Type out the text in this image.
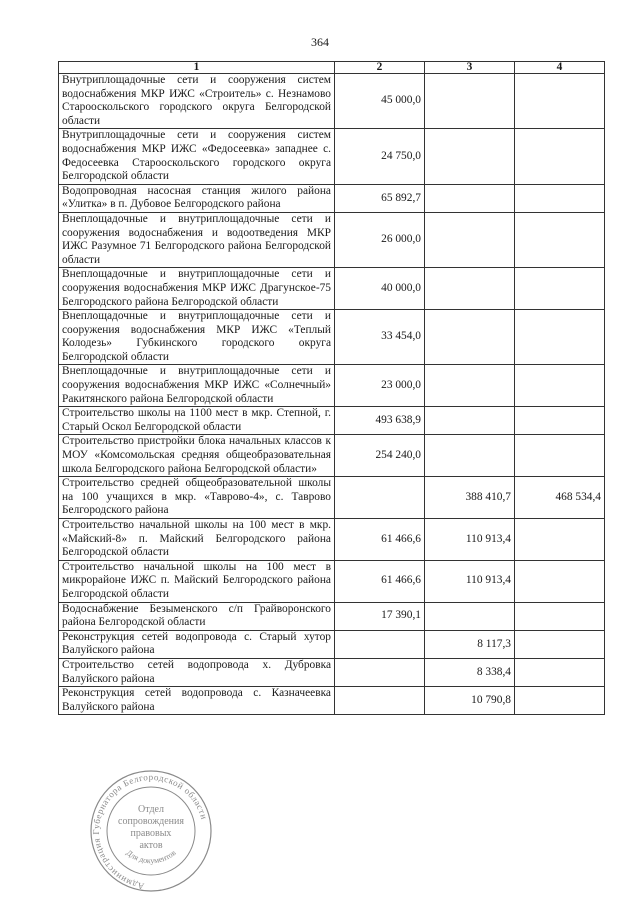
364
1	2	3	4
Внутриплощадочные сети и сооружения систем водоснабжения МКР ИЖС «Строитель» с. Незнамово Старооскольского городского округа Белгородской области	45 000,0		
Внутриплощадочные сети и сооружения систем водоснабжения МКР ИЖС «Федосеевка» западнее с. Федосеевка Старооскольского городского округа Белгородской области	24 750,0		
Водопроводная насосная станция жилого района «Улитка» в п. Дубовое Белгородского района	65 892,7		
Внеплощадочные и внутриплощадочные сети и сооружения водоснабжения и водоотведения МКР ИЖС Разумное 71 Белгородского района Белгородской области	26 000,0		
Внеплощадочные и внутриплощадочные сети и сооружения водоснабжения МКР ИЖС Драгунское-75 Белгородского района Белгородской области	40 000,0		
Внеплощадочные и внутриплощадочные сети и сооружения водоснабжения МКР ИЖС «Теплый Колодезь» Губкинского городского округа Белгородской области	33 454,0		
Внеплощадочные и внутриплощадочные сети и сооружения водоснабжения МКР ИЖС «Солнечный» Ракитянского района Белгородской области	23 000,0		
Строительство школы на 1100 мест в мкр. Степной, г. Старый Оскол Белгородской области	493 638,9		
Строительство пристройки блока начальных классов к МОУ «Комсомольская средняя общеобразовательная школа Белгородского района Белгородской области»	254 240,0		
Строительство средней общеобразовательной школы на 100 учащихся в мкр. «Таврово-4», с. Таврово Белгородского района		388 410,7	468 534,4
Строительство начальной школы на 100 мест в мкр. «Майский-8» п. Майский Белгородского района Белгородской области	61 466,6	110 913,4	
Строительство начальной школы на 100 мест в микрорайоне ИЖС п. Майский Белгородского района Белгородской области	61 466,6	110 913,4	
Водоснабжение Безыменского с/п Грайворонского района Белгородской области	17 390,1		
Реконструкция сетей водопровода с. Старый хутор Валуйского района		8 117,3	
Строительство сетей водопровода х. Дубровка Валуйского района		8 338,4	
Реконструкция сетей водопровода с. Казначеевка Валуйского района		10 790,8	
Администрация Губернатора Белгородской области
Отдел
сопровождения
правовых
актов
Для документов
